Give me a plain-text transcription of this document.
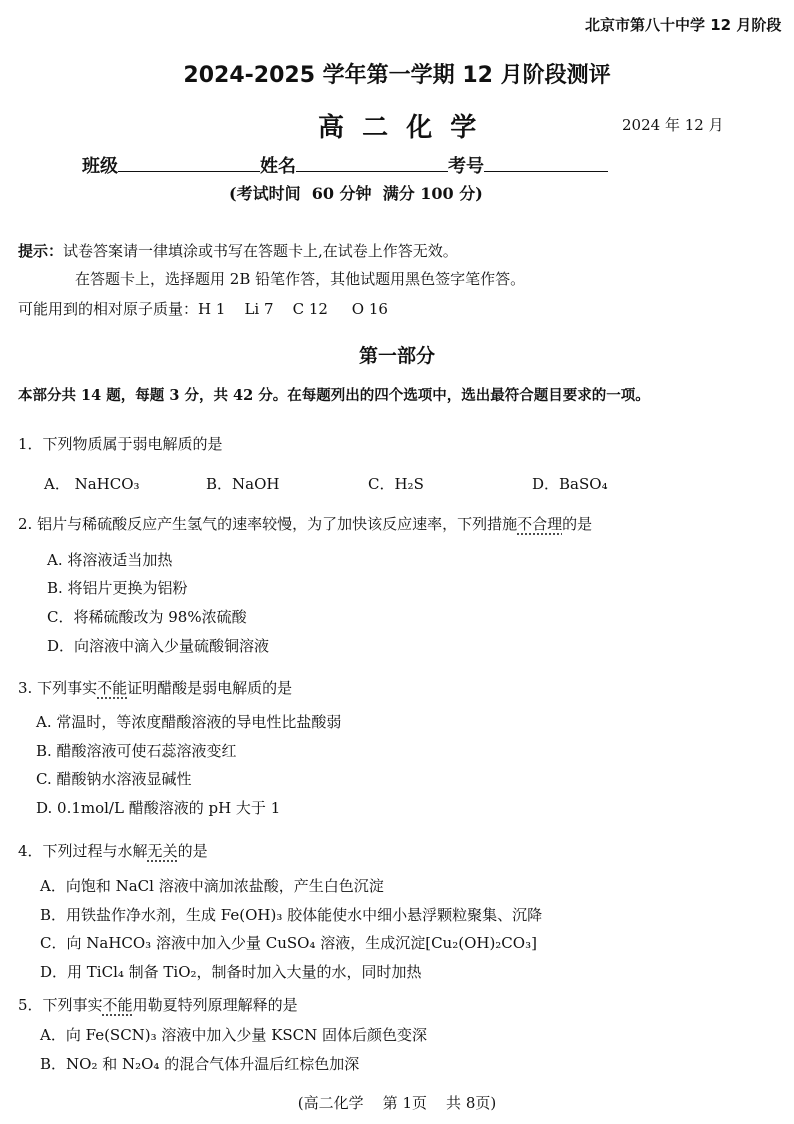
北京市第八十中学 12 月阶段
2024-2025 学年第一学期 12 月阶段测评
高  二  化  学	2024 年 12 月
班级	姓名	考号
(考试时间  60 分钟  满分 100 分)
提示：试卷答案请一律填涂或书写在答题卡上,在试卷上作答无效。
在答题卡上，选择题用 2B 铅笔作答，其他试题用黑色签字笔作答。
可能用到的相对原子质量：H 1    Li 7    C 12     O 16
第一部分
本部分共 14 题，每题 3 分，共 42 分。在每题列出的四个选项中，选出最符合题目要求的一项。
1．下列物质属于弱电解质的是
A． NaHCO₃	B．NaOH	C．H₂S	D．BaSO₄
2. 铝片与稀硫酸反应产生氢气的速率较慢，为了加快该反应速率，下列措施不合理的是
A. 将溶液适当加热
B. 将铝片更换为铝粉
C．将稀硫酸改为 98%浓硫酸
D．向溶液中滴入少量硫酸铜溶液
3. 下列事实不能证明醋酸是弱电解质的是
A. 常温时，等浓度醋酸溶液的导电性比盐酸弱
B. 醋酸溶液可使石蕊溶液变红
C. 醋酸钠水溶液显碱性
D. 0.1mol/L 醋酸溶液的 pH 大于 1
4．下列过程与水解无关的是
A．向饱和 NaCl 溶液中滴加浓盐酸，产生白色沉淀
B．用铁盐作净水剂，生成 Fe(OH)₃ 胶体能使水中细小悬浮颗粒聚集、沉降
C．向 NaHCO₃ 溶液中加入少量 CuSO₄ 溶液，生成沉淀[Cu₂(OH)₂CO₃]
D．用 TiCl₄ 制备 TiO₂，制备时加入大量的水，同时加热
5．下列事实不能用勒夏特列原理解释的是
A．向 Fe(SCN)₃ 溶液中加入少量 KSCN 固体后颜色变深
B．NO₂ 和 N₂O₄ 的混合气体升温后红棕色加深
(高二化学    第 1页    共 8页)
